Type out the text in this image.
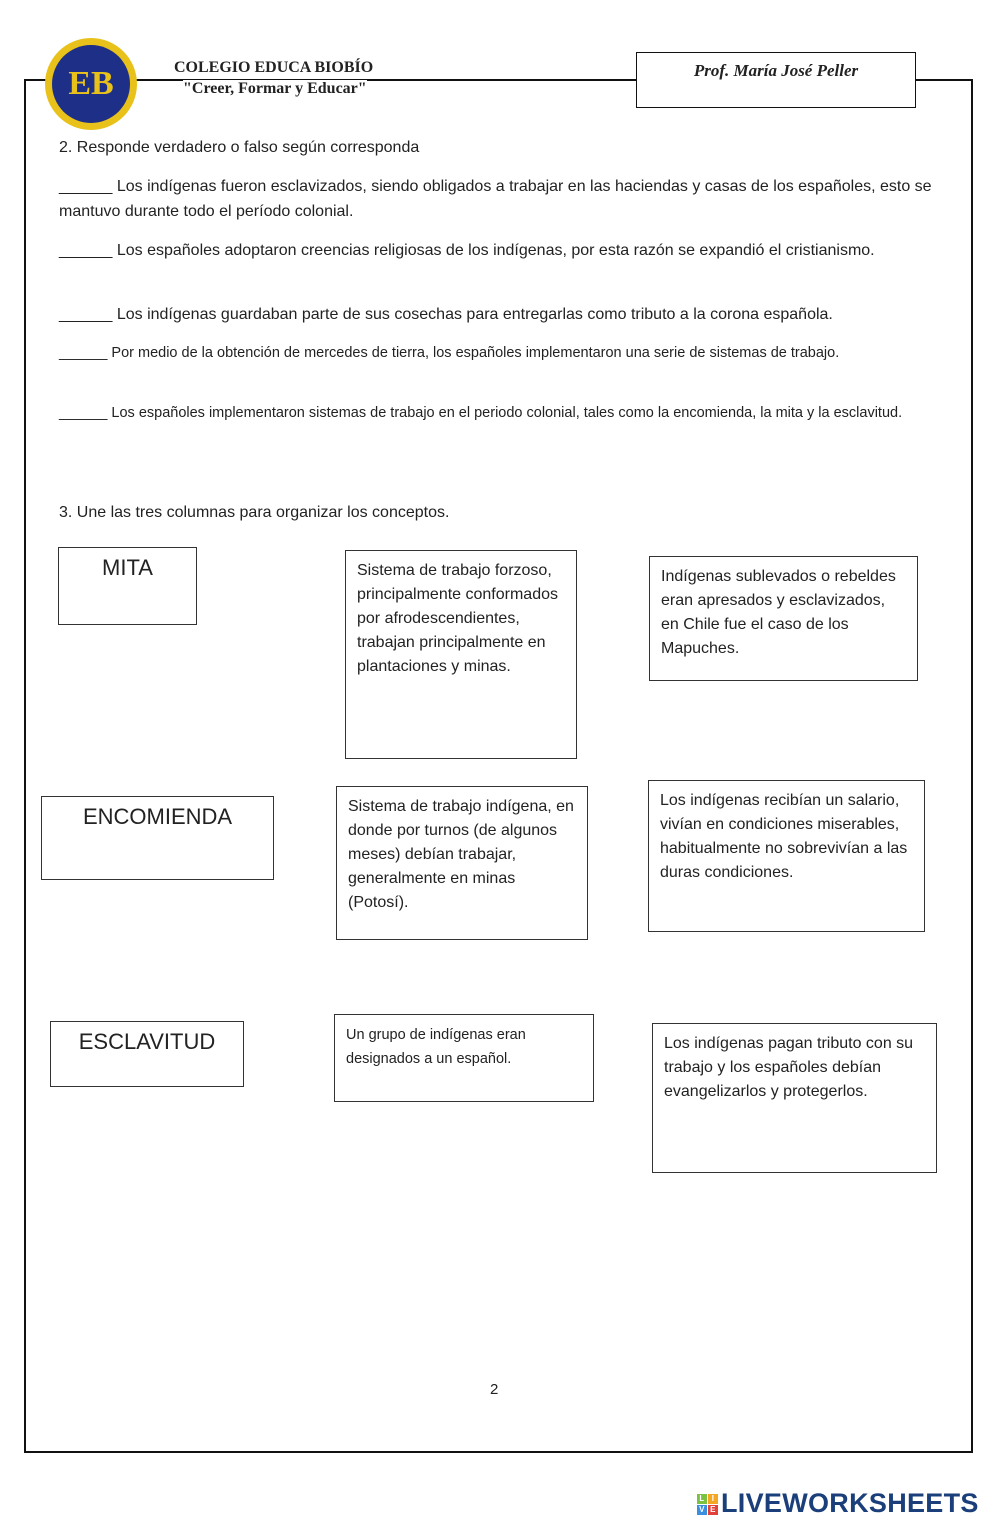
EB	COLEGIO EDUCA BIOBÍO
"Creer, Formar y Educar"
Prof. María José Peller
2. Responde verdadero o falso según corresponda
______ Los indígenas fueron esclavizados, siendo obligados a trabajar en las haciendas y casas de los españoles, esto se mantuvo durante todo el período colonial.
______ Los españoles adoptaron creencias religiosas de los indígenas, por esta razón se expandió el cristianismo.
______ Los indígenas guardaban parte de sus cosechas para entregarlas como tributo a la corona española.
______ Por medio de la obtención de mercedes de tierra, los españoles implementaron una serie de sistemas de trabajo.
______ Los españoles implementaron sistemas de trabajo en el periodo colonial, tales como la encomienda, la mita y la esclavitud.
3. Une las tres columnas para organizar los conceptos.
MITA
ENCOMIENDA
ESCLAVITUD
Sistema de trabajo forzoso, principalmente conformados por afrodescendientes, trabajan principalmente en plantaciones y minas.
Sistema de trabajo indígena, en donde por turnos (de algunos meses) debían trabajar, generalmente en minas (Potosí).
Un grupo de indígenas eran designados a un español.
Indígenas sublevados o rebeldes eran apresados y esclavizados, en Chile fue el caso de los Mapuches.
Los indígenas recibían un salario, vivían en condiciones miserables, habitualmente no sobrevivían a las duras condiciones.
Los indígenas pagan tributo con su trabajo y los españoles debían evangelizarlos y protegerlos.
2
L I
V E LIVEWORKSHEETS
